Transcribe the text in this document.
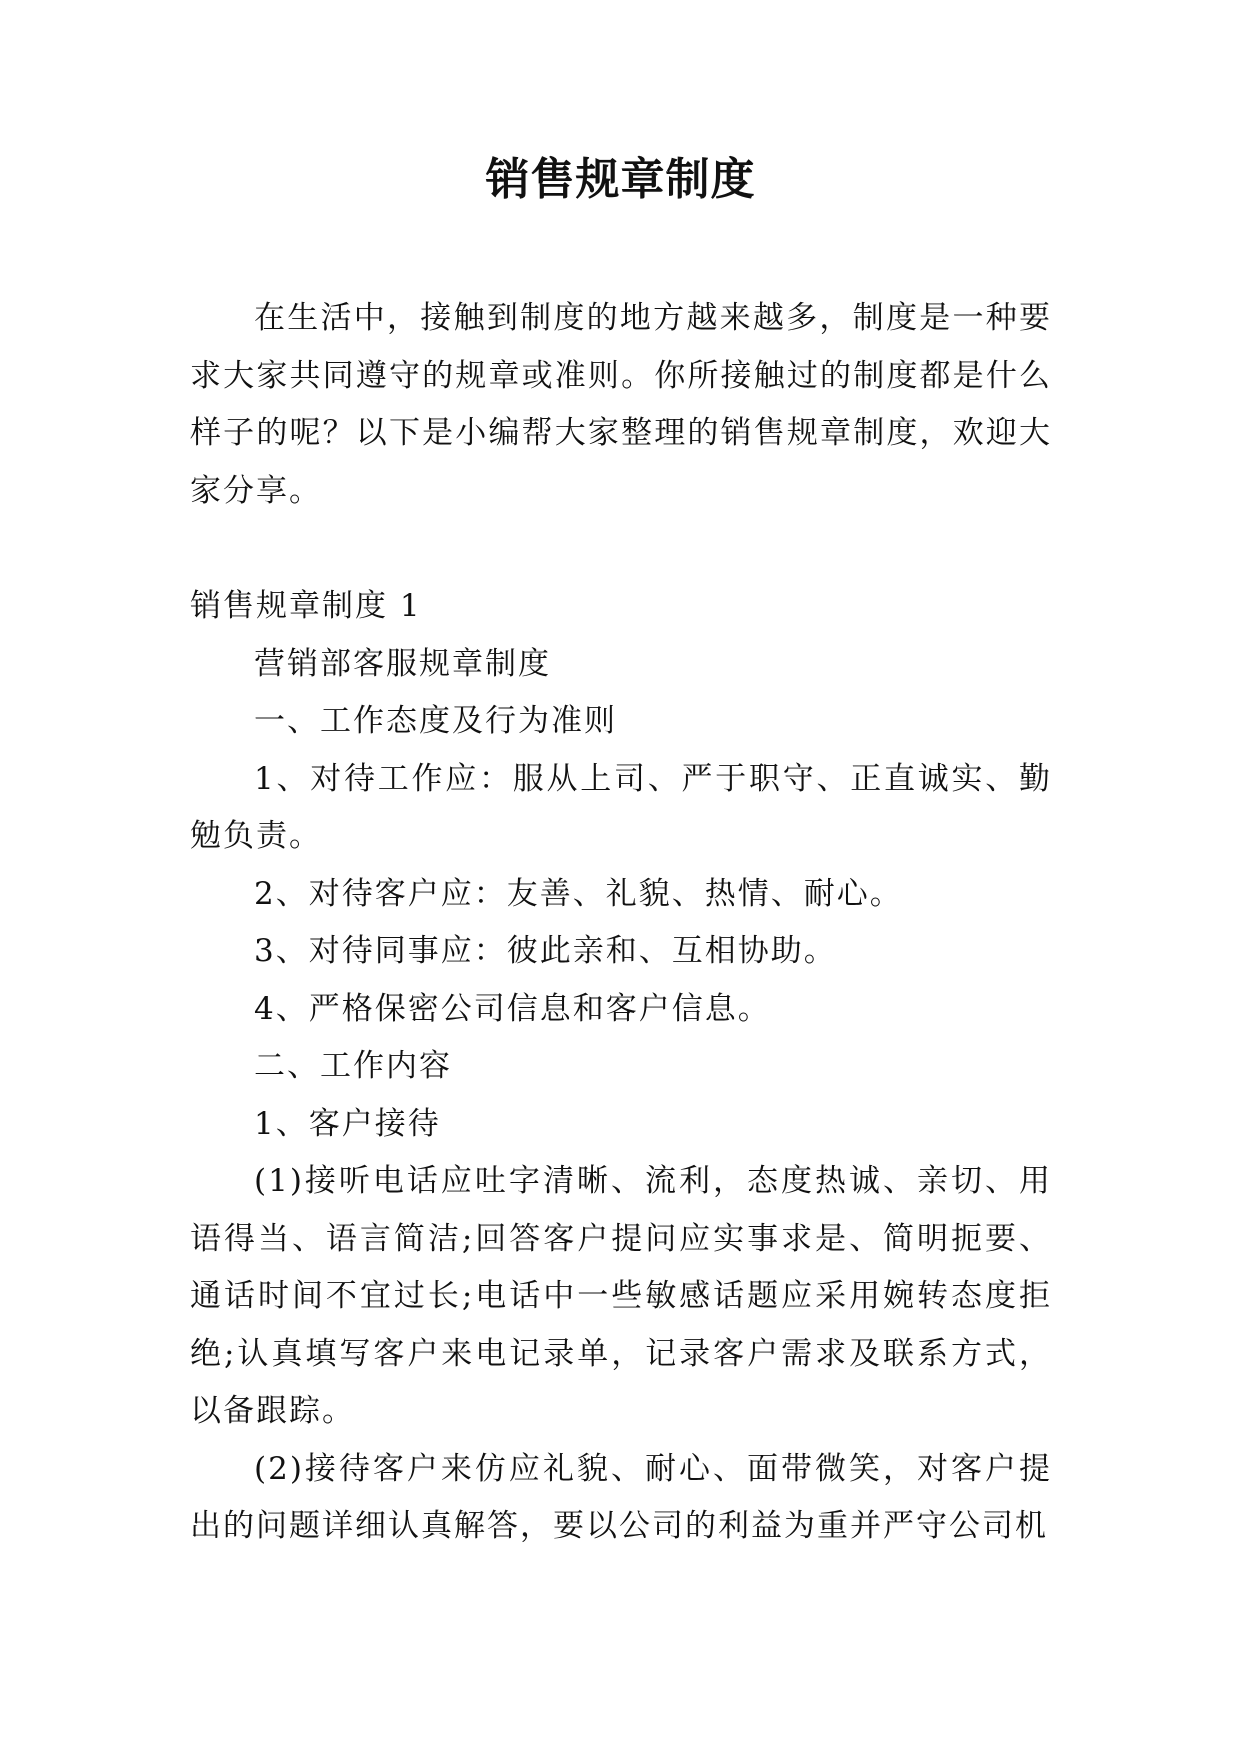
销售规章制度

在生活中，接触到制度的地方越来越多，制度是一种要求大家共同遵守的规章或准则。你所接触过的制度都是什么样子的呢？以下是小编帮大家整理的销售规章制度，欢迎大家分享。

销售规章制度 1

营销部客服规章制度

一、工作态度及行为准则

1、对待工作应：服从上司、严于职守、正直诚实、勤勉负责。

2、对待客户应：友善、礼貌、热情、耐心。

3、对待同事应：彼此亲和、互相协助。

4、严格保密公司信息和客户信息。

二、工作内容

1、客户接待

(1)接听电话应吐字清晰、流利，态度热诚、亲切、用语得当、语言简洁;回答客户提问应实事求是、简明扼要、通话时间不宜过长;电话中一些敏感话题应采用婉转态度拒绝;认真填写客户来电记录单，记录客户需求及联系方式，以备跟踪。

(2)接待客户来仿应礼貌、耐心、面带微笑，对客户提出的问题详细认真解答，要以公司的利益为重并严守公司机
